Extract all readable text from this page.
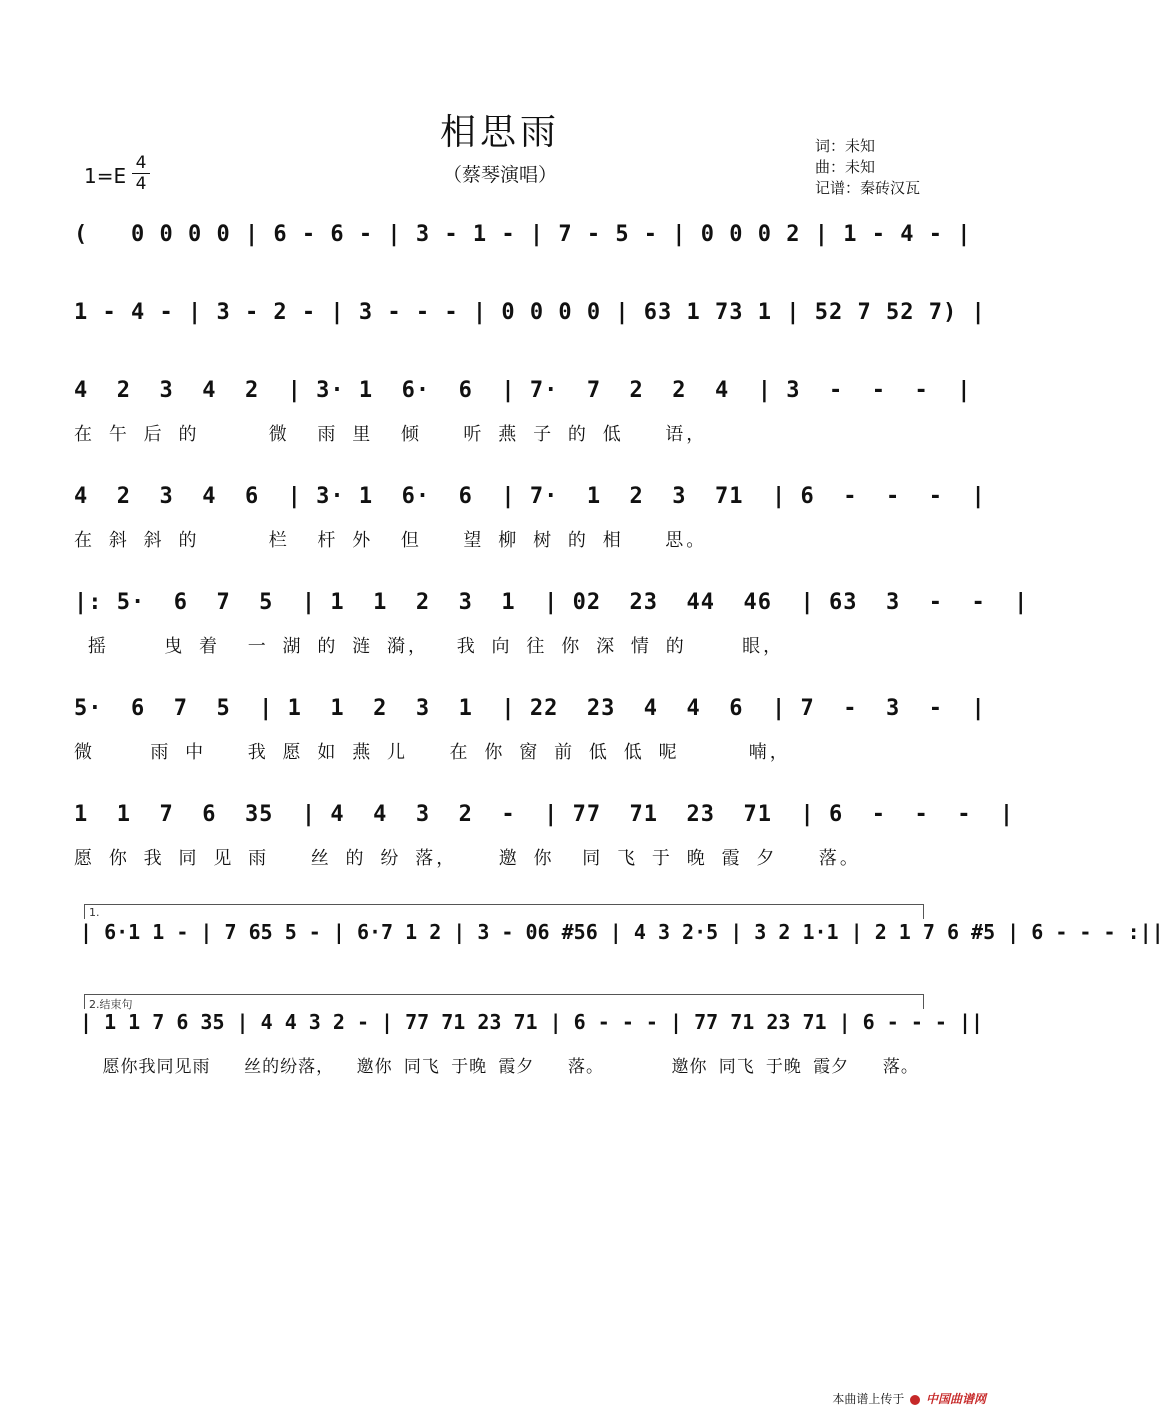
相思雨
（蔡琴演唱）
词：未知
曲：未知
记谱：秦砖汉瓦
1=E
4
4
(   0 0 0 0 | 6 - 6 - | 3 - 1 - | 7 - 5 - | 0 0 0 2 | 1 - 4 - |
1 - 4 - | 3 - 2 - | 3 - - - | 0 0 0 0 | 63 1 73 1 | 52 7 52 7) |
4  2  3  4  2  | 3· 1  6·  6  | 7·  7  2  2  4  | 3  -  -  -  |
在 午 后 的     微  雨 里  倾   听 燕 子 的 低   语，
4  2  3  4  6  | 3· 1  6·  6  | 7·  1  2  3  71  | 6  -  -  -  |
在 斜 斜 的     栏  杆 外  但   望 柳 树 的 相   思。
|: 5·  6  7  5  | 1  1  2  3  1  | 02  23  44  46  | 63  3  -  -  |
摇    曳 着  一 湖 的 涟 漪，  我 向 往 你 深 情 的    眼，
5·  6  7  5  | 1  1  2  3  1  | 22  23  4  4  6  | 7  -  3  -  |
微    雨 中   我 愿 如 燕 儿   在 你 窗 前 低 低 呢     喃，
1  1  7  6  35  | 4  4  3  2  -  | 77  71  23  71  | 6  -  -  -  |
愿 你 我 同 见 雨   丝 的 纷 落，   邀 你  同 飞 于 晚 霞 夕   落。
1.
| 6·1 1 - | 7 65 5 - | 6·7 1 2 | 3 - 06 #56 | 4 3 2·5 | 3 2 1·1 | 2 1 7 6 #5 | 6 - - - :||
2.结束句
| 1 1 7 6 35 | 4 4 3 2 - | 77 71 23 71 | 6 - - - | 77 71 23 71 | 6 - - - ||
愿你我同见雨   丝的纷落，  邀你 同飞 于晚 霞夕   落。      邀你 同飞 于晚 霞夕   落。
本曲谱上传于 中国曲谱网
